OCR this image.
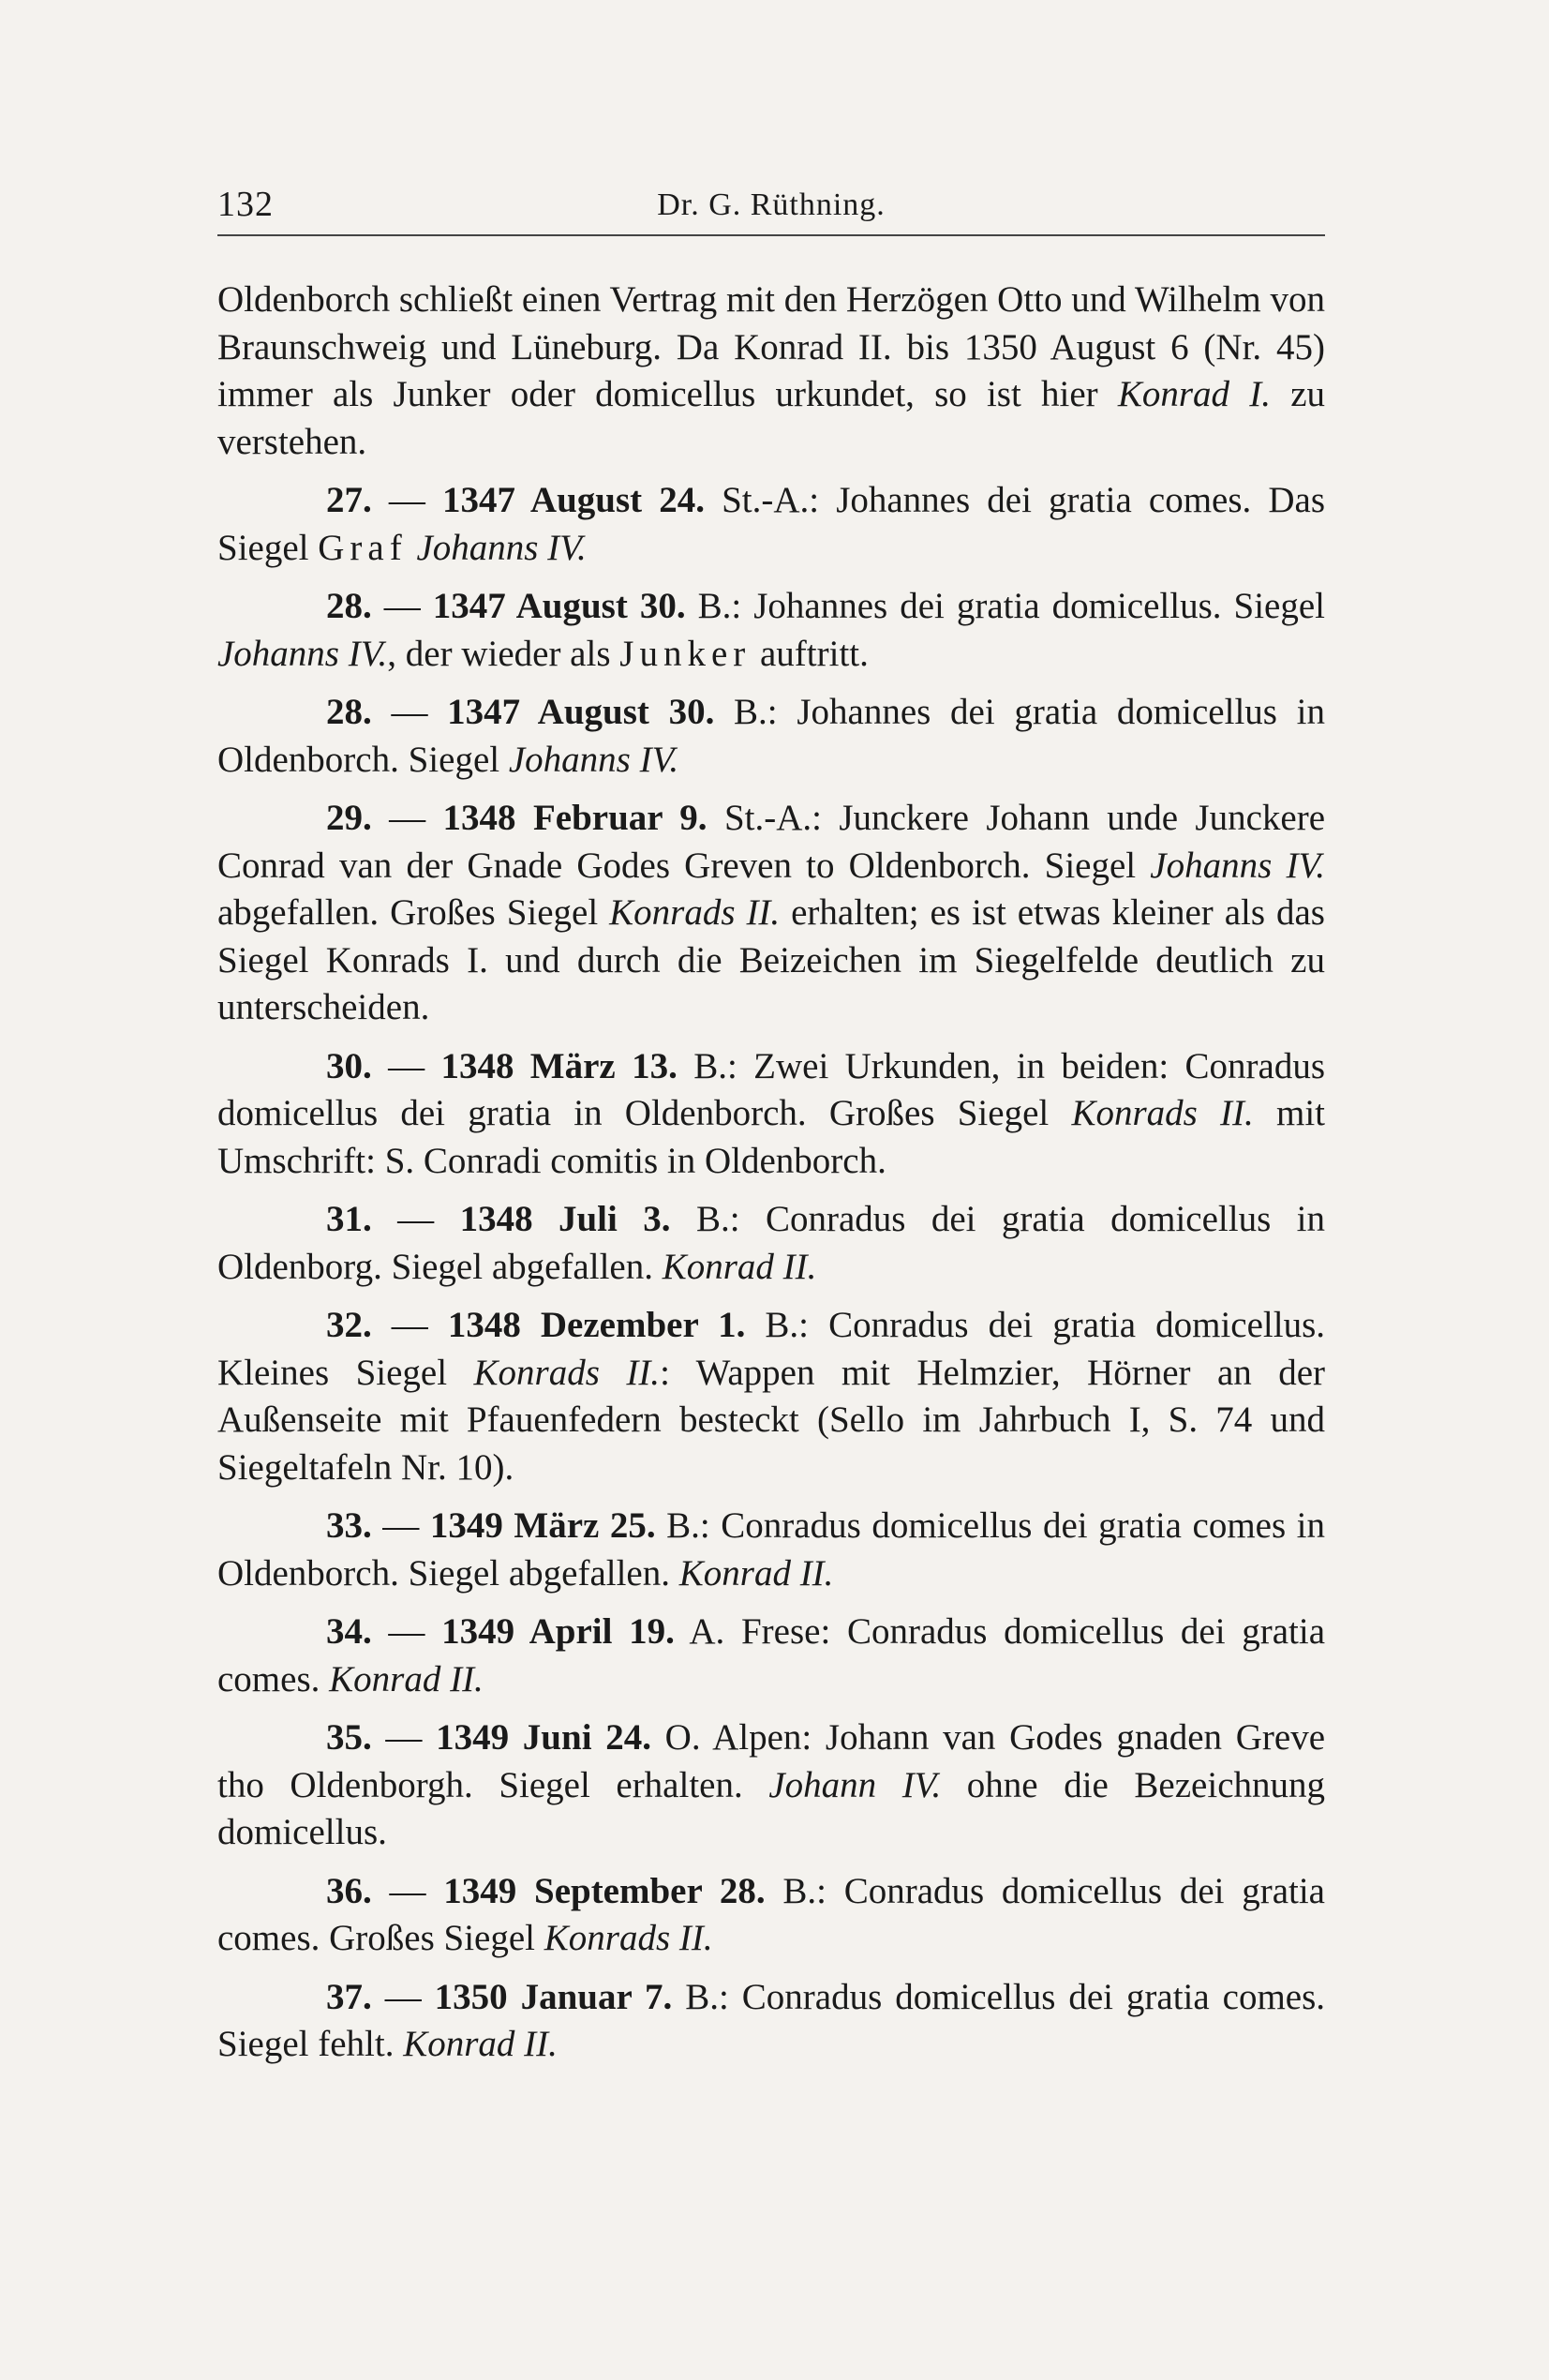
132	Dr. G. Rüthning.

Oldenborch schließt einen Vertrag mit den Herzögen Otto und Wilhelm von Braunschweig und Lüneburg. Da Konrad II. bis 1350 August 6 (Nr. 45) immer als Junker oder domicellus urkundet, so ist hier Konrad I. zu verstehen.

27. — 1347 August 24. St.-A.: Johannes dei gratia comes. Das Siegel Graf Johanns IV.

28. — 1347 August 30. B.: Johannes dei gratia domicellus. Siegel Johanns IV., der wieder als Junker auftritt.

28. — 1347 August 30. B.: Johannes dei gratia domicellus in Oldenborch. Siegel Johanns IV.

29. — 1348 Februar 9. St.-A.: Junckere Johann unde Junckere Conrad van der Gnade Godes Greven to Oldenborch. Siegel Johanns IV. abgefallen. Großes Siegel Konrads II. erhalten; es ist etwas kleiner als das Siegel Konrads I. und durch die Beizeichen im Siegelfelde deutlich zu unterscheiden.

30. — 1348 März 13. B.: Zwei Urkunden, in beiden: Conradus domicellus dei gratia in Oldenborch. Großes Siegel Konrads II. mit Umschrift: S. Conradi comitis in Oldenborch.

31. — 1348 Juli 3. B.: Conradus dei gratia domicellus in Oldenborg. Siegel abgefallen. Konrad II.

32. — 1348 Dezember 1. B.: Conradus dei gratia domicellus. Kleines Siegel Konrads II.: Wappen mit Helmzier, Hörner an der Außenseite mit Pfauenfedern besteckt (Sello im Jahrbuch I, S. 74 und Siegeltafeln Nr. 10).

33. — 1349 März 25. B.: Conradus domicellus dei gratia comes in Oldenborch. Siegel abgefallen. Konrad II.

34. — 1349 April 19. A. Frese: Conradus domicellus dei gratia comes. Konrad II.

35. — 1349 Juni 24. O. Alpen: Johann van Godes gnaden Greve tho Oldenborgh. Siegel erhalten. Johann IV. ohne die Bezeichnung domicellus.

36. — 1349 September 28. B.: Conradus domicellus dei gratia comes. Großes Siegel Konrads II.

37. — 1350 Januar 7. B.: Conradus domicellus dei gratia comes. Siegel fehlt. Konrad II.
